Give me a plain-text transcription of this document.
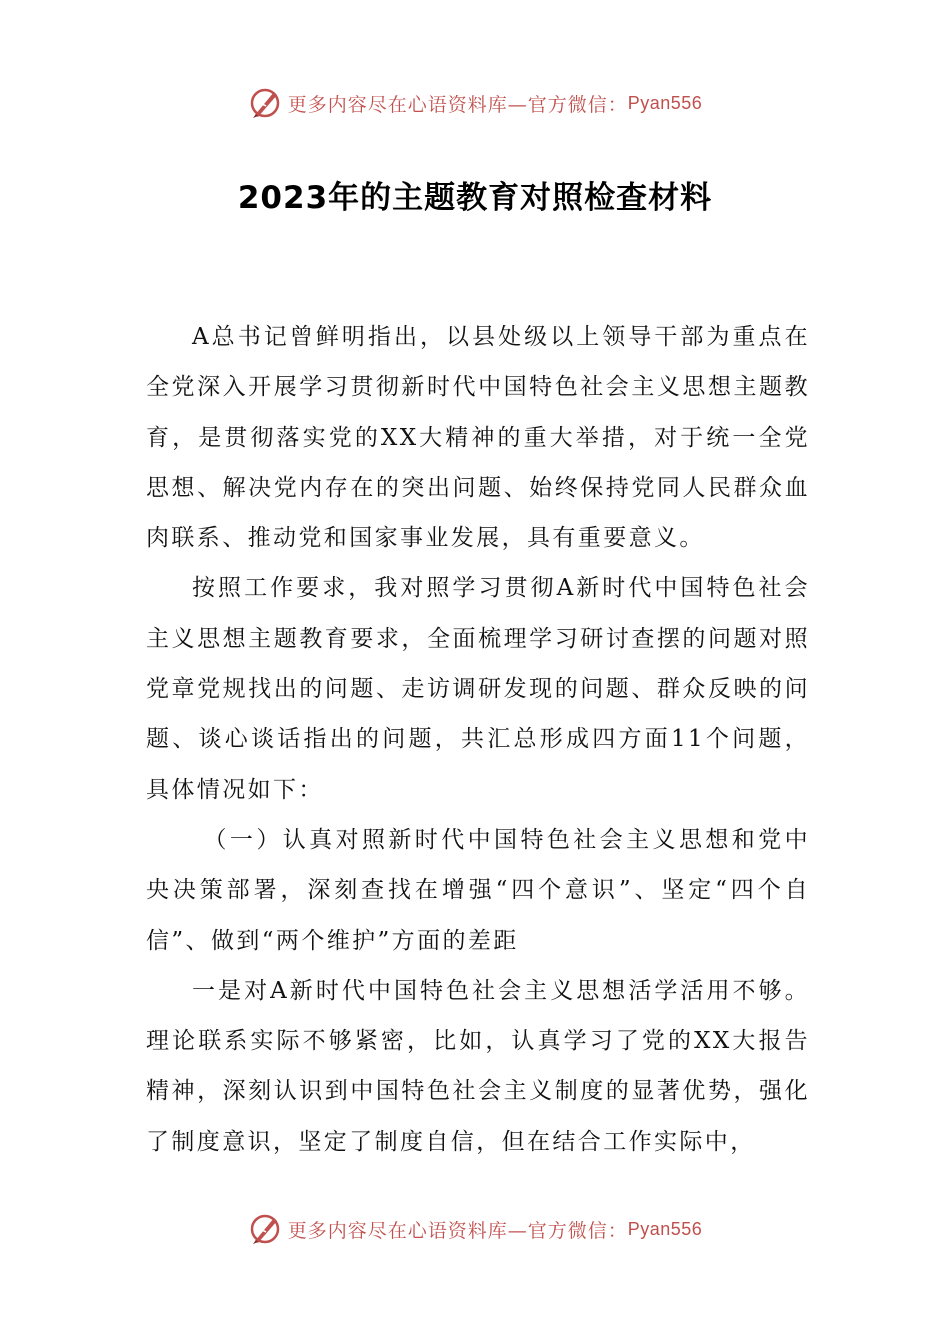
更多内容尽在心语资料库—官方微信： Pyan556
2023年的主题教育对照检查材料

A总书记曾鲜明指出，以县处级以上领导干部为重点在全党深入开展学习贯彻新时代中国特色社会主义思想主题教育，是贯彻落实党的XX大精神的重大举措，对于统一全党思想、解决党内存在的突出问题、始终保持党同人民群众血肉联系、推动党和国家事业发展，具有重要意义。

按照工作要求，我对照学习贯彻A新时代中国特色社会主义思想主题教育要求，全面梳理学习研讨查摆的问题对照党章党规找出的问题、走访调研发现的问题、群众反映的问题、谈心谈话指出的问题，共汇总形成四方面11个问题，具体情况如下：

（一）认真对照新时代中国特色社会主义思想和党中央决策部署，深刻查找在增强“四个意识”、坚定“四个自信”、做到“两个维护”方面的差距

一是对A新时代中国特色社会主义思想活学活用不够。理论联系实际不够紧密，比如，认真学习了党的XX大报告精神，深刻认识到中国特色社会主义制度的显著优势，强化了制度意识，坚定了制度自信，但在结合工作实际中，

更多内容尽在心语资料库—官方微信： Pyan556
